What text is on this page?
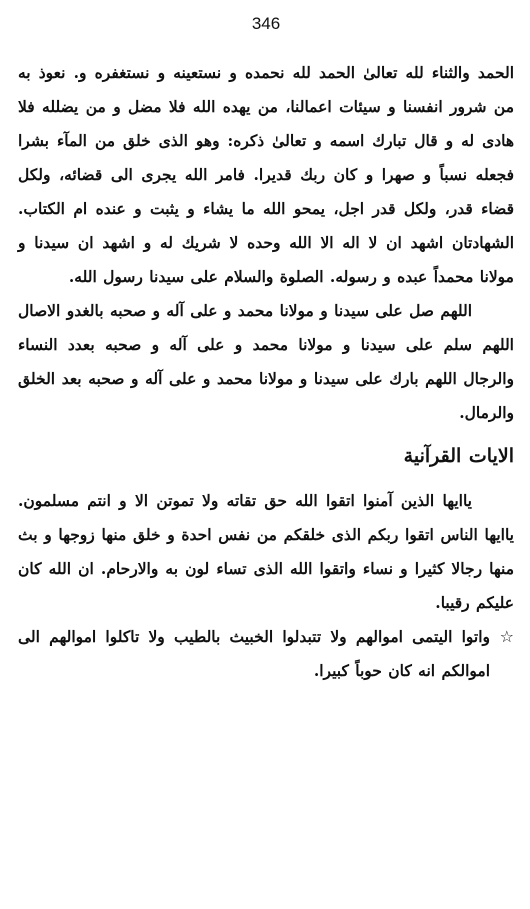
346

الحمد والثناء لله تعالیٰ الحمد لله نحمده و نستعینه و نستغفره و. نعوذ به من شرور انفسنا و سیئات اعمالنا، من یهده الله فلا مضل و من یضلله فلا هادی له و قال تبارك اسمه و تعالیٰ ذکره: وهو الذی خلق من المآء بشرا فجعله نسباً و صهرا و کان ربك قدیرا. فامر الله یجری الی قضائه، ولکل قضاء قدر، ولکل قدر اجل، یمحو الله ما یشاء و یثبت و عنده ام الکتاب. الشهادتان اشهد ان لا اله الا الله وحده لا شریك له و اشهد ان سیدنا و مولانا محمداً عبده و رسوله. الصلوة والسلام علی سیدنا رسول الله.

اللهم صل علی سیدنا و مولانا محمد و علی آله و صحبه بالغدو الاصال اللهم سلم علی سیدنا و مولانا محمد و علی آله و صحبه بعدد النساء والرجال اللهم بارك علی سیدنا و مولانا محمد و علی آله و صحبه بعد الخلق والرمال.

الایات القرآنیة

یاایها الذین آمنوا اتقوا الله حق تقاته ولا تموتن الا و انتم مسلمون. یاایها الناس اتقوا ربکم الذی خلقکم من نفس احدة و خلق منها زوجها و بث منها رجالا کثیرا و نساء واتقوا الله الذی تساء لون به والارحام. ان الله کان علیکم رقیبا.

☆
واتوا الیتمی اموالهم ولا تتبدلوا الخبیث بالطیب ولا تاکلوا اموالهم الی اموالکم انه کان حوباً کبیرا.
